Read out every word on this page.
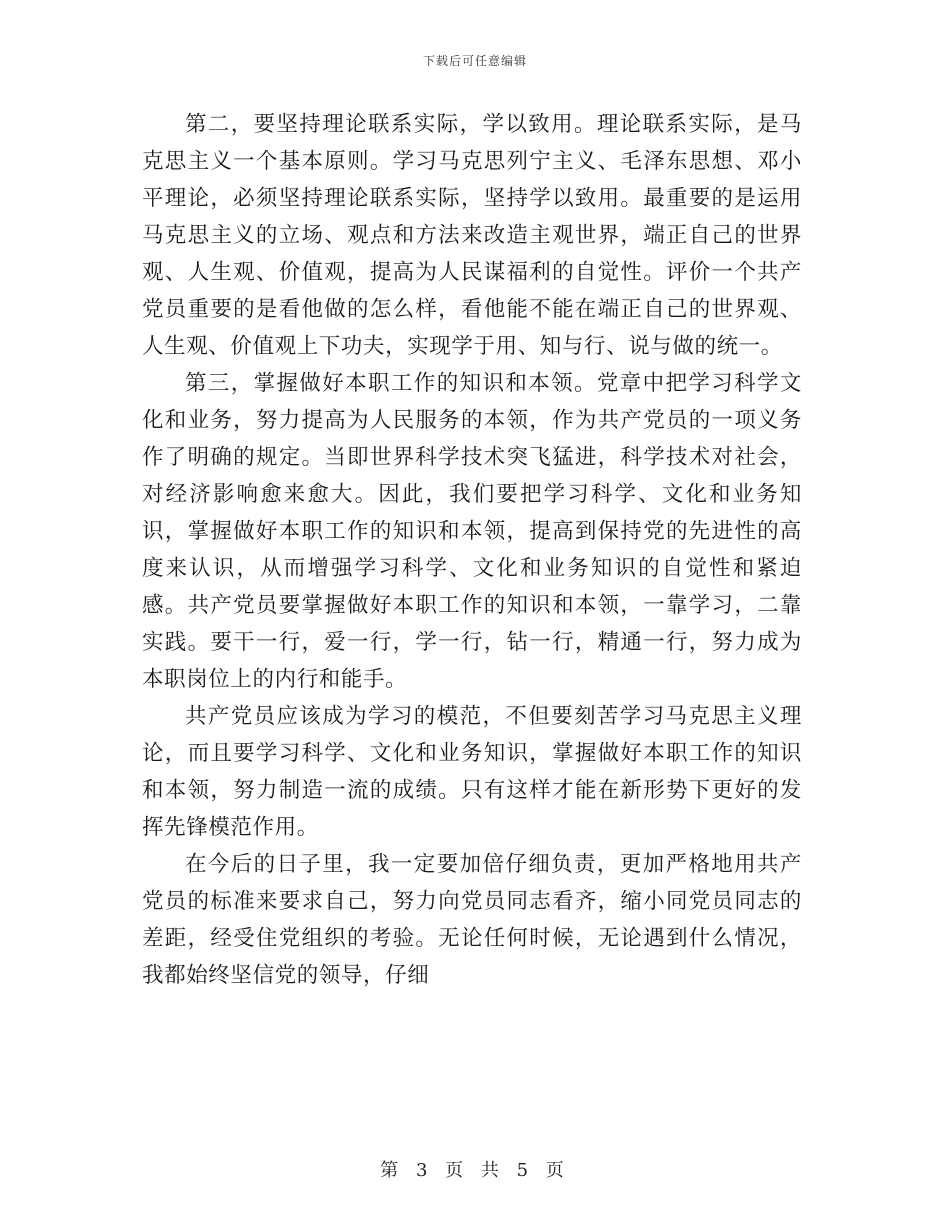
下载后可任意编辑

第二，要坚持理论联系实际，学以致用。理论联系实际，是马克思主义一个基本原则。学习马克思列宁主义、毛泽东思想、邓小平理论，必须坚持理论联系实际，坚持学以致用。最重要的是运用马克思主义的立场、观点和方法来改造主观世界，端正自己的世界观、人生观、价值观，提高为人民谋福利的自觉性。评价一个共产党员重要的是看他做的怎么样，看他能不能在端正自己的世界观、人生观、价值观上下功夫，实现学于用、知与行、说与做的统一。

第三，掌握做好本职工作的知识和本领。党章中把学习科学文化和业务，努力提高为人民服务的本领，作为共产党员的一项义务作了明确的规定。当即世界科学技术突飞猛进，科学技术对社会，对经济影响愈来愈大。因此，我们要把学习科学、文化和业务知识，掌握做好本职工作的知识和本领，提高到保持党的先进性的高度来认识，从而增强学习科学、文化和业务知识的自觉性和紧迫感。共产党员要掌握做好本职工作的知识和本领，一靠学习，二靠实践。要干一行，爱一行，学一行，钻一行，精通一行，努力成为本职岗位上的内行和能手。

共产党员应该成为学习的模范，不但要刻苦学习马克思主义理论，而且要学习科学、文化和业务知识，掌握做好本职工作的知识和本领，努力制造一流的成绩。只有这样才能在新形势下更好的发挥先锋模范作用。

在今后的日子里，我一定要加倍仔细负责，更加严格地用共产党员的标准来要求自己，努力向党员同志看齐，缩小同党员同志的差距，经受住党组织的考验。无论任何时候，无论遇到什么情况，我都始终坚信党的领导，仔细

第 3 页 共 5 页
